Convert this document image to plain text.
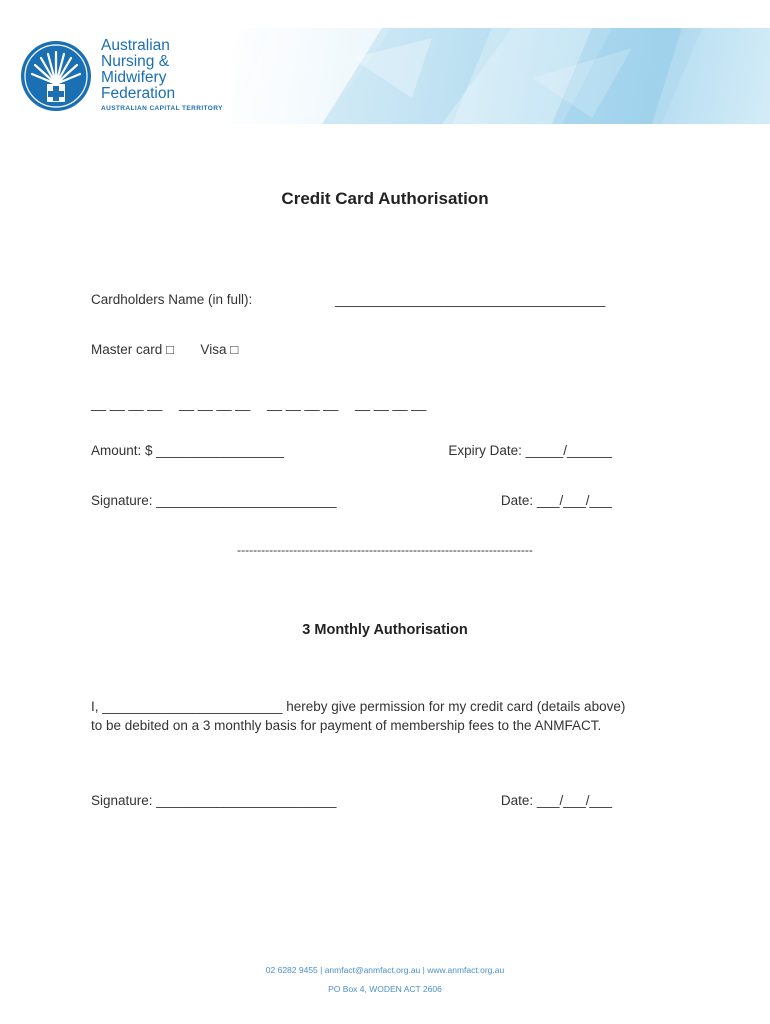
Australian
Nursing &
Midwifery
Federation
AUSTRALIAN CAPITAL TERRITORY
Credit Card Authorisation
Cardholders Name (in full):	____________________________________
Master card □       Visa □
__ __ __ __ __ __ __ __ __ __ __ __ __ __ __ __
Amount: $ _________________	Expiry Date: _____/______
Signature: ________________________	Date: ___/___/___
--------------------------------------------------------------------------
3 Monthly Authorisation
I, ________________________ hereby give permission for my credit card (details above)
to be debited on a 3 monthly basis for payment of membership fees to the ANMFACT.
Signature: ________________________	Date: ___/___/___
02 6282 9455 | anmfact@anmfact.org.au | www.anmfact.org.au
PO Box 4, WODEN ACT 2606
